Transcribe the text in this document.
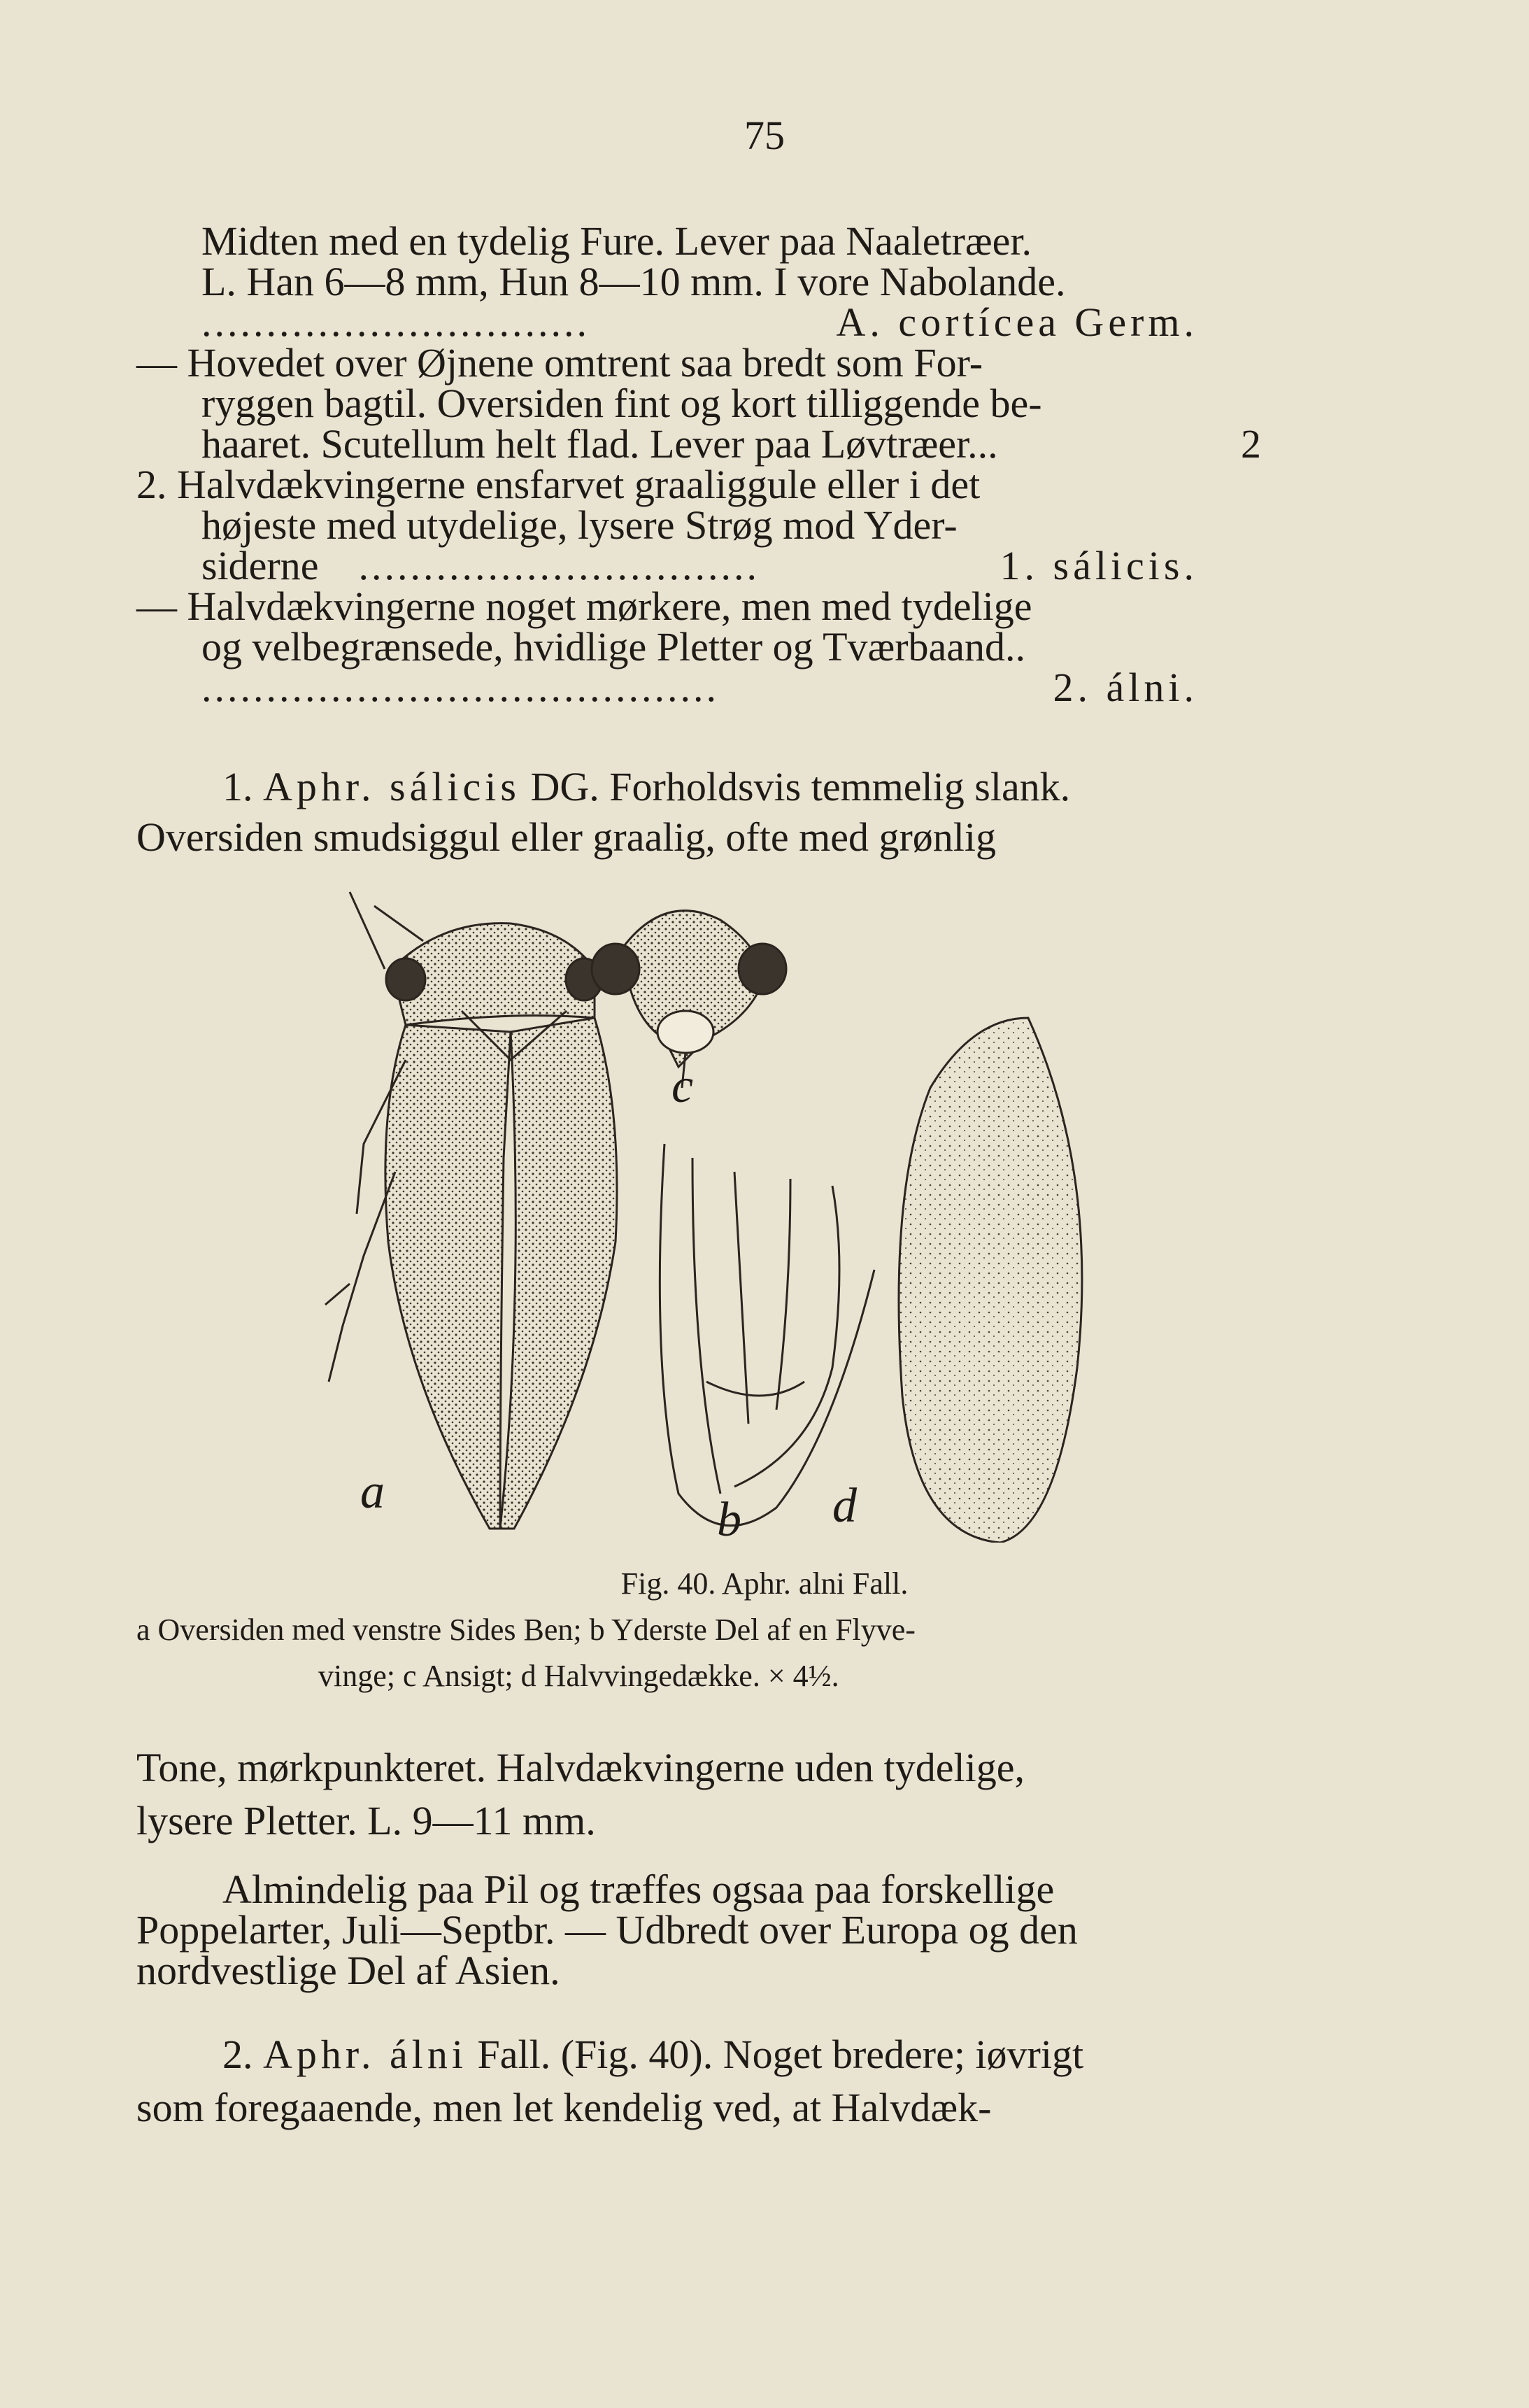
75
Midten med en tydelig Fure. Lever paa Naaletræer.
L. Han 6—8 mm, Hun 8—10 mm. I vore Nabolande.
..............................	A. cortícea Germ.
— Hovedet over Øjnene omtrent saa bredt som For-
ryggen bagtil. Oversiden fint og kort tilliggende be-
haaret. Scutellum helt flad. Lever paa Løvtræer...	2
2. Halvdækvingerne ensfarvet graaliggule eller i det
højeste med utydelige, lysere Strøg mod Yder-
siderne ...............................	1. sálicis.
— Halvdækvingerne noget mørkere, men med tydelige
og velbegrænsede, hvidlige Pletter og Tværbaand..
........................................	2. álni.
1. Aphr. sálicis DG. Forholdsvis temmelig slank.
Oversiden smudsiggul eller graalig, ofte med grønlig
a
c
b d
Fig. 40. Aphr. alni Fall.
a Oversiden med venstre Sides Ben; b Yderste Del af en Flyve-
vinge; c Ansigt; d Halvvingedække. × 4½.
Tone, mørkpunkteret. Halvdækvingerne uden tydelige,
lysere Pletter. L. 9—11 mm.
Almindelig paa Pil og træffes ogsaa paa forskellige
Poppelarter, Juli—Septbr. — Udbredt over Europa og den
nordvestlige Del af Asien.
2. Aphr. álni Fall. (Fig. 40). Noget bredere; iøvrigt
som foregaaende, men let kendelig ved, at Halvdæk-
